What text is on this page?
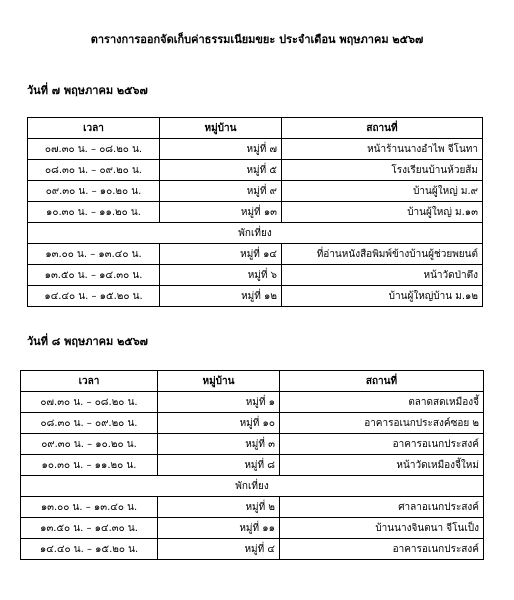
ตารางการออกจัดเก็บค่าธรรมเนียมขยะ ประจำเดือน พฤษภาคม ๒๕๖๗
วันที่ ๗ พฤษภาคม ๒๕๖๗
เวลา	หมู่บ้าน	สถานที่
๐๗.๓๐ น. – ๐๘.๒๐ น.	หมู่ที่ ๗	หน้าร้านนางอำไพ จีโนทา
๐๘.๓๐ น. – ๐๙.๒๐ น.	หมู่ที่ ๕	โรงเรียนบ้านห้วยส้ม
๐๙.๓๐ น. – ๑๐.๒๐ น.	หมู่ที่ ๙	บ้านผู้ใหญ่ ม.๙
๑๐.๓๐ น. – ๑๑.๒๐ น.	หมู่ที่ ๑๓	บ้านผู้ใหญ่ ม.๑๓
พักเที่ยง		
๑๓.๐๐ น. – ๑๓.๔๐ น.	หมู่ที่ ๑๔	ที่อ่านหนังสือพิมพ์ข้างบ้านผู้ช่วยพยนต์
๑๓.๕๐ น. – ๑๔.๓๐ น.	หมู่ที่ ๖	หน้าวัดป่าตึง
๑๔.๔๐ น. – ๑๕.๒๐ น.	หมู่ที่ ๑๒	บ้านผู้ใหญ่บ้าน ม.๑๒
วันที่ ๘ พฤษภาคม ๒๕๖๗
เวลา	หมู่บ้าน	สถานที่
๐๗.๓๐ น. – ๐๘.๒๐ น.	หมู่ที่ ๑	ตลาดสดเหมืองจี้
๐๘.๓๐ น. – ๐๙.๒๐ น.	หมู่ที่ ๑๐	อาคารอเนกประสงค์ซอย ๒
๐๙.๓๐ น. – ๑๐.๒๐ น.	หมู่ที่ ๓	อาคารอเนกประสงค์
๑๐.๓๐ น. – ๑๑.๒๐ น.	หมู่ที่ ๘	หน้าวัดเหมืองจี้ใหม่
พักเที่ยง		
๑๓.๐๐ น. – ๑๓.๔๐ น.	หมู่ที่ ๒	ศาลาอเนกประสงค์
๑๓.๕๐ น. – ๑๔.๓๐ น.	หมู่ที่ ๑๑	บ้านนางจินตนา จีโนเป็ง
๑๔.๔๐ น. – ๑๕.๒๐ น.	หมู่ที่ ๔	อาคารอเนกประสงค์
